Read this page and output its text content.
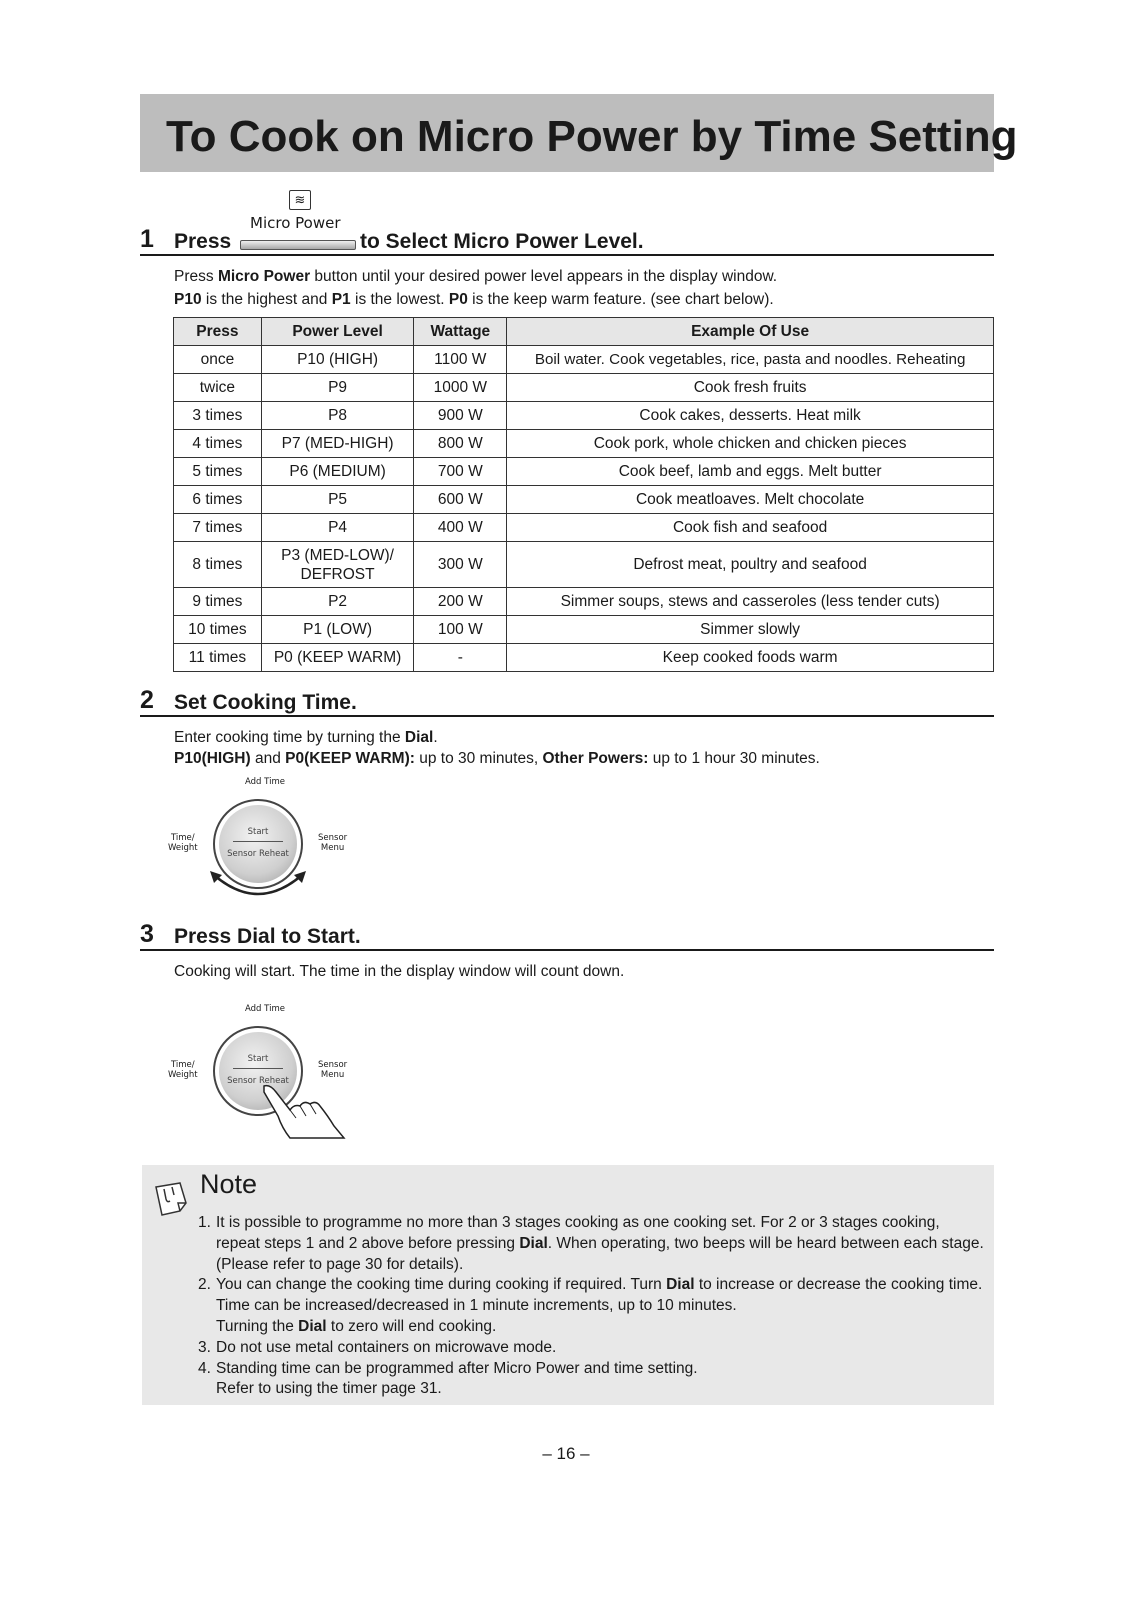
To Cook on Micro Power by Time Setting
≋
Micro Power
1 Press	to Select Micro Power Level.
Press Micro Power button until your desired power level appears in the display window.
P10 is the highest and P1 is the lowest. P0 is the keep warm feature. (see chart below).
Press	Power Level	Wattage	Example Of Use
once	P10 (HIGH)	1100 W	Boil water. Cook vegetables, rice, pasta and noodles. Reheating
twice	P9	1000 W	Cook fresh fruits
3 times	P8	900 W	Cook cakes, desserts. Heat milk
4 times	P7 (MED-HIGH)	800 W	Cook pork, whole chicken and chicken pieces
5 times	P6 (MEDIUM)	700 W	Cook beef, lamb and eggs. Melt butter
6 times	P5	600 W	Cook meatloaves. Melt chocolate
7 times	P4	400 W	Cook fish and seafood
8 times	P3 (MED-LOW)/
DEFROST	300 W	Defrost meat, poultry and seafood
9 times	P2	200 W	Simmer soups, stews and casseroles (less tender cuts)
10 times	P1 (LOW)	100 W	Simmer slowly
11 times	P0 (KEEP WARM)	-	Keep cooked foods warm
2 Set Cooking Time.
Enter cooking time by turning the Dial.
P10(HIGH) and P0(KEEP WARM): up to 30 minutes, Other Powers: up to 1 hour 30 minutes.
Add Time
Time/
Weight
Sensor
Menu
Start
Sensor Reheat
3 Press Dial to Start.
Cooking will start. The time in the display window will count down.
Add Time
Time/
Weight
Sensor
Menu
Start
Sensor Reheat
Note
1. It is possible to programme no more than 3 stages cooking as one cooking set. For 2 or 3 stages cooking, repeat steps 1 and 2 above before pressing Dial. When operating, two beeps will be heard between each stage. (Please refer to page 30 for details).
2. You can change the cooking time during cooking if required. Turn Dial to increase or decrease the cooking time. Time can be increased/decreased in 1 minute increments, up to 10 minutes.
Turning the Dial to zero will end cooking.
3. Do not use metal containers on microwave mode.
4. Standing time can be programmed after Micro Power and time setting.
Refer to using the timer page 31.
– 16 –
